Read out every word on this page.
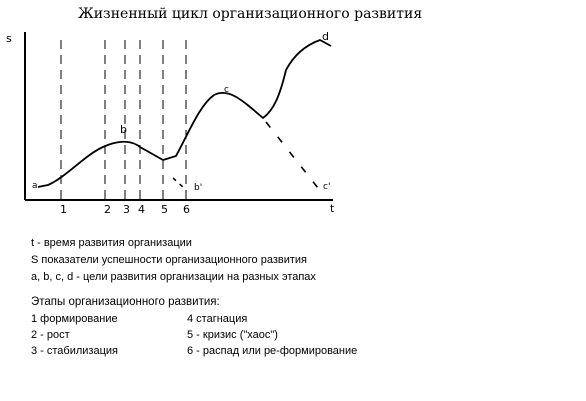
Жизненный цикл организационного развития
s
t
1	2 3 4 5 6
a
b
b'
c
c'
d
t - время развития организации
S показатели успешности организационного развития
a, b, c, d - цели развития организации на разных этапах
Этапы организационного развития:
1 формирование	4 стагнация
2 - рост	5 - кризис ("хаос")
3 - стабилизация	6 - распад или ре-формирование
